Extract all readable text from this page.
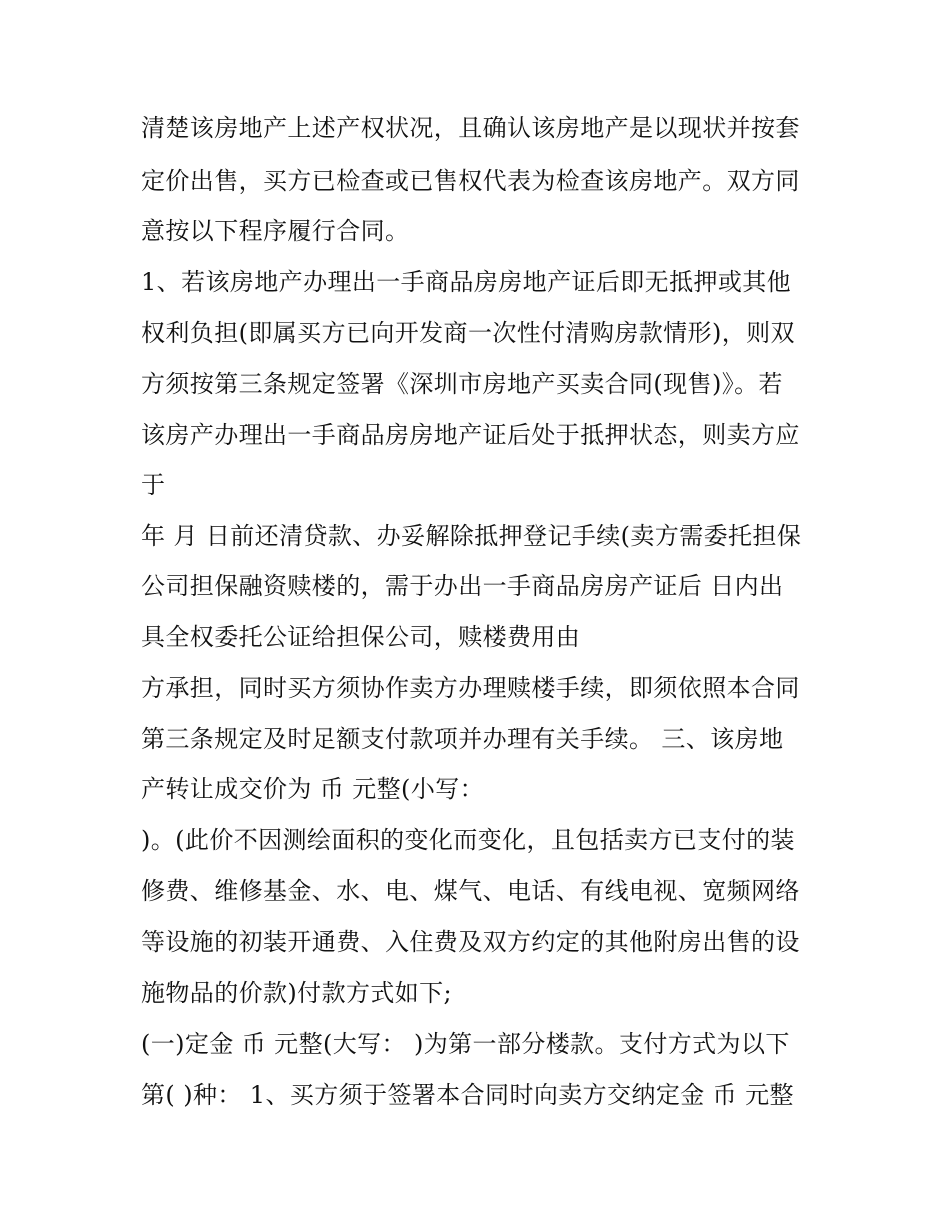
清楚该房地产上述产权状况，且确认该房地产是以现状并按套

定价出售，买方已检查或已售权代表为检查该房地产。双方同

意按以下程序履行合同。

1、若该房地产办理出一手商品房房地产证后即无抵押或其他

权利负担(即属买方已向开发商一次性付清购房款情形)，则双

方须按第三条规定签署《深圳市房地产买卖合同(现售)》。若

该房产办理出一手商品房房地产证后处于抵押状态，则卖方应

于

年 月 日前还清贷款、办妥解除抵押登记手续(卖方需委托担保

公司担保融资赎楼的，需于办出一手商品房房产证后 日内出

具全权委托公证给担保公司，赎楼费用由

方承担，同时买方须协作卖方办理赎楼手续，即须依照本合同

第三条规定及时足额支付款项并办理有关手续。 三、该房地

产转让成交价为 币 元整(小写：

)。(此价不因测绘面积的变化而变化，且包括卖方已支付的装

修费、维修基金、水、电、煤气、电话、有线电视、宽频网络

等设施的初装开通费、入住费及双方约定的其他附房出售的设

施物品的价款)付款方式如下;

(一)定金 币 元整(大写： )为第一部分楼款。支付方式为以下

第( )种： 1、买方须于签署本合同时向卖方交纳定金 币 元整
